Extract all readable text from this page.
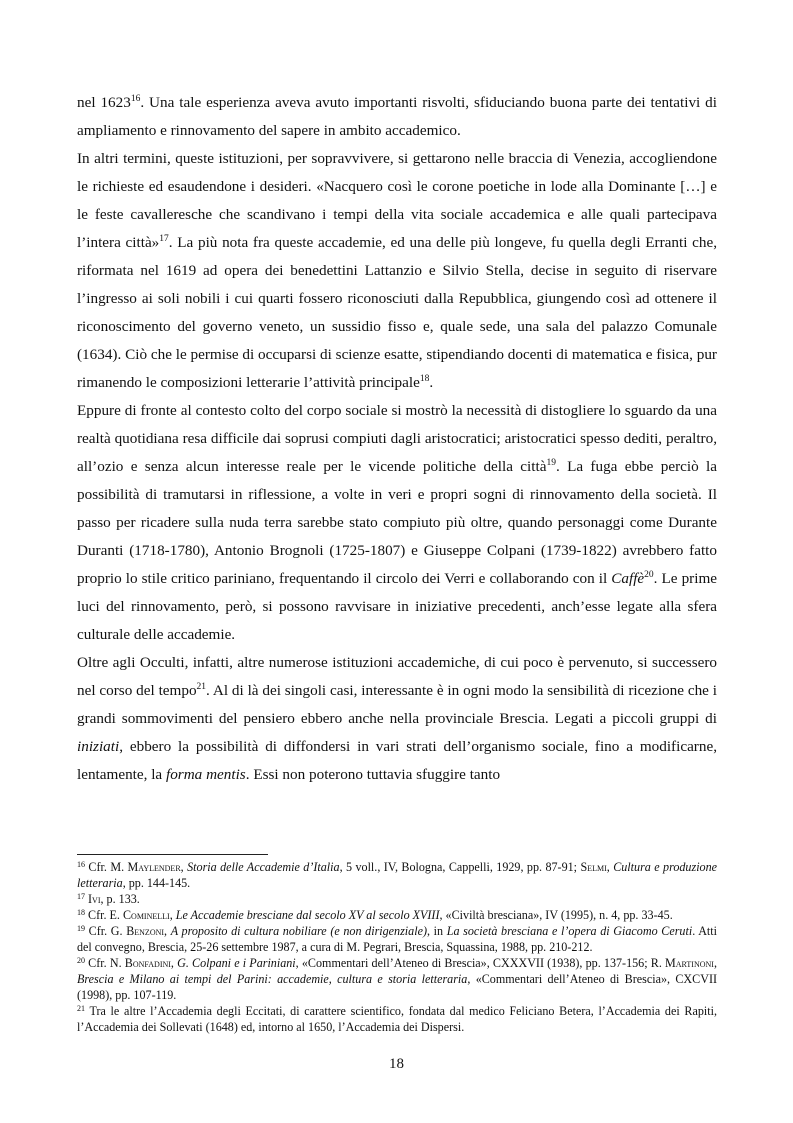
nel 1623$^{16}$. Una tale esperienza aveva avuto importanti risvolti, sfiduciando buona parte dei tentativi di ampliamento e rinnovamento del sapere in ambito accademico.

In altri termini, queste istituzioni, per sopravvivere, si gettarono nelle braccia di Venezia, accogliendone le richieste ed esaudendone i desideri. «Nacquero così le corone poetiche in lode alla Dominante […] e le feste cavalleresche che scandivano i tempi della vita sociale accademica e alle quali partecipava l’intera città»$^{17}$. La più nota fra queste accademie, ed una delle più longeve, fu quella degli Erranti che, riformata nel 1619 ad opera dei benedettini Lattanzio e Silvio Stella, decise in seguito di riservare l’ingresso ai soli nobili i cui quarti fossero riconosciuti dalla Repubblica, giungendo così ad ottenere il riconoscimento del governo veneto, un sussidio fisso e, quale sede, una sala del palazzo Comunale (1634). Ciò che le permise di occuparsi di scienze esatte, stipendiando docenti di matematica e fisica, pur rimanendo le composizioni letterarie l’attività principale$^{18}$.

Eppure di fronte al contesto colto del corpo sociale si mostrò la necessità di distogliere lo sguardo da una realtà quotidiana resa difficile dai soprusi compiuti dagli aristocratici; aristocratici spesso dediti, peraltro, all’ozio e senza alcun interesse reale per le vicende politiche della città$^{19}$. La fuga ebbe perciò la possibilità di tramutarsi in riflessione, a volte in veri e propri sogni di rinnovamento della società. Il passo per ricadere sulla nuda terra sarebbe stato compiuto più oltre, quando personaggi come Durante Duranti (1718-1780), Antonio Brognoli (1725-1807) e Giuseppe Colpani (1739-1822) avrebbero fatto proprio lo stile critico pariniano, frequentando il circolo dei Verri e collaborando con il Caffè$^{20}$. Le prime luci del rinnovamento, però, si possono ravvisare in iniziative precedenti, anch’esse legate alla sfera culturale delle accademie.

Oltre agli Occulti, infatti, altre numerose istituzioni accademiche, di cui poco è pervenuto, si successero nel corso del tempo$^{21}$. Al di là dei singoli casi, interessante è in ogni modo la sensibilità di ricezione che i grandi sommovimenti del pensiero ebbero anche nella provinciale Brescia. Legati a piccoli gruppi di iniziati, ebbero la possibilità di diffondersi in vari strati dell’organismo sociale, fino a modificarne, lentamente, la forma mentis. Essi non poterono tuttavia sfuggire tanto

$^{16}$ Cfr. M. Maylender, Storia delle Accademie d’Italia, 5 voll., IV, Bologna, Cappelli, 1929, pp. 87-91; Selmi, Cultura e produzione letteraria, pp. 144-145.

$^{17}$ Ivi, p. 133.

$^{18}$ Cfr. E. Cominelli, Le Accademie bresciane dal secolo XV al secolo XVIII, «Civiltà bresciana», IV (1995), n. 4, pp. 33-45.

$^{19}$ Cfr. G. Benzoni, A proposito di cultura nobiliare (e non dirigenziale), in La società bresciana e l’opera di Giacomo Ceruti. Atti del convegno, Brescia, 25-26 settembre 1987, a cura di M. Pegrari, Brescia, Squassina, 1988, pp. 210-212.

$^{20}$ Cfr. N. Bonfadini, G. Colpani e i Pariniani, «Commentari dell’Ateneo di Brescia», CXXXVII (1938), pp. 137-156; R. Martinoni, Brescia e Milano ai tempi del Parini: accademie, cultura e storia letteraria, «Commentari dell’Ateneo di Brescia», CXCVII (1998), pp. 107-119.

$^{21}$ Tra le altre l’Accademia degli Eccitati, di carattere scientifico, fondata dal medico Feliciano Betera, l’Accademia dei Rapiti, l’Accademia dei Sollevati (1648) ed, intorno al 1650, l’Accademia dei Dispersi.

18
